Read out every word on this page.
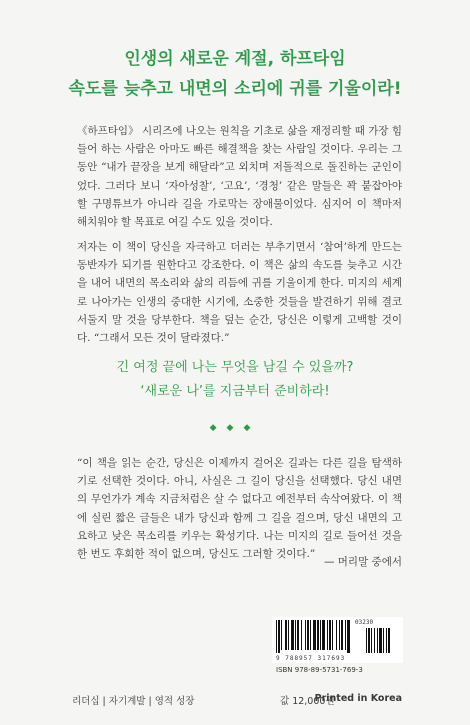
인생의 새로운 계절, 하프타임
속도를 늦추고 내면의 소리에 귀를 기울이라!

《하프타임》 시리즈에 나오는 원칙을 기초로 삶을 재정리할 때 가장 힘들어 하는 사람은 아마도 빠른 해결책을 찾는 사람일 것이다. 우리는 그동안 “내가 끝장을 보게 해달라”고 외치며 저돌적으로 돌진하는 군인이었다. 그러다 보니 ‘자아성찰’, ‘고요’, ‘경청’ 같은 말들은 꽉 붙잡아야 할 구명튜브가 아니라 길을 가로막는 장애물이었다. 심지어 이 책마저 해치워야 할 목표로 여길 수도 있을 것이다.

저자는 이 책이 당신을 자극하고 더러는 부추기면서 ‘참여’하게 만드는 동반자가 되기를 원한다고 강조한다. 이 책은 삶의 속도를 늦추고 시간을 내어 내면의 목소리와 삶의 리듬에 귀를 기울이게 한다. 미지의 세계로 나아가는 인생의 중대한 시기에, 소중한 것들을 발견하기 위해 결코 서둘지 말 것을 당부한다. 책을 덮는 순간, 당신은 이렇게 고백할 것이다. “그래서 모든 것이 달라졌다.”

긴 여정 끝에 나는 무엇을 남길 수 있을까?
‘새로운 나’를 지금부터 준비하라!
◆◆◆

“이 책을 읽는 순간, 당신은 이제까지 걸어온 길과는 다른 길을 탐색하기로 선택한 것이다. 아니, 사실은 그 길이 당신을 선택했다. 당신 내면의 무언가가 계속 지금처럼은 살 수 없다고 예전부터 속삭여왔다. 이 책에 실린 짧은 글들은 내가 당신과 함께 그 길을 걸으며, 당신 내면의 고요하고 낮은 목소리를 키우는 확성기다. 나는 미지의 길로 들어선 것을 한 번도 후회한 적이 없으며, 당신도 그러할 것이다.”

— 머리말 중에서
03230
9 788957 317693
ISBN 978-89-5731-769-3
리더십 | 자기계발 | 영적 성장	값 12,000원
Printed in Korea
